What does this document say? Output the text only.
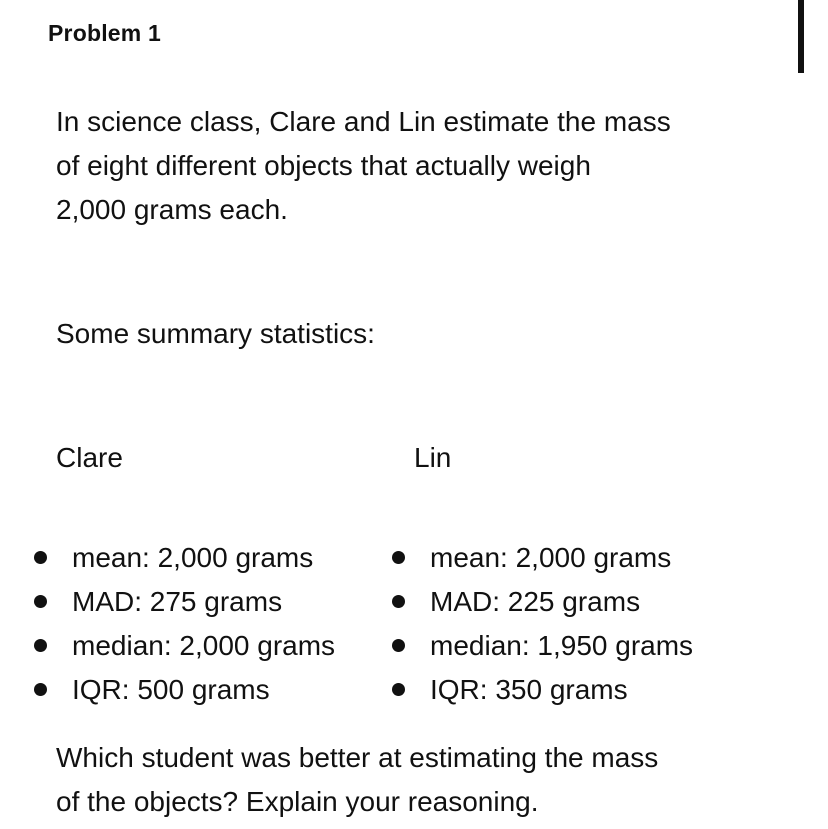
Problem 1
In science class, Clare and Lin estimate the mass
of eight different objects that actually weigh
2,000 grams each.
Some summary statistics:
Clare	Lin
mean: 2,000 grams
MAD: 275 grams
median: 2,000 grams
IQR: 500 grams
mean: 2,000 grams
MAD: 225 grams
median: 1,950 grams
IQR: 350 grams
Which student was better at estimating the mass
of the objects? Explain your reasoning.
